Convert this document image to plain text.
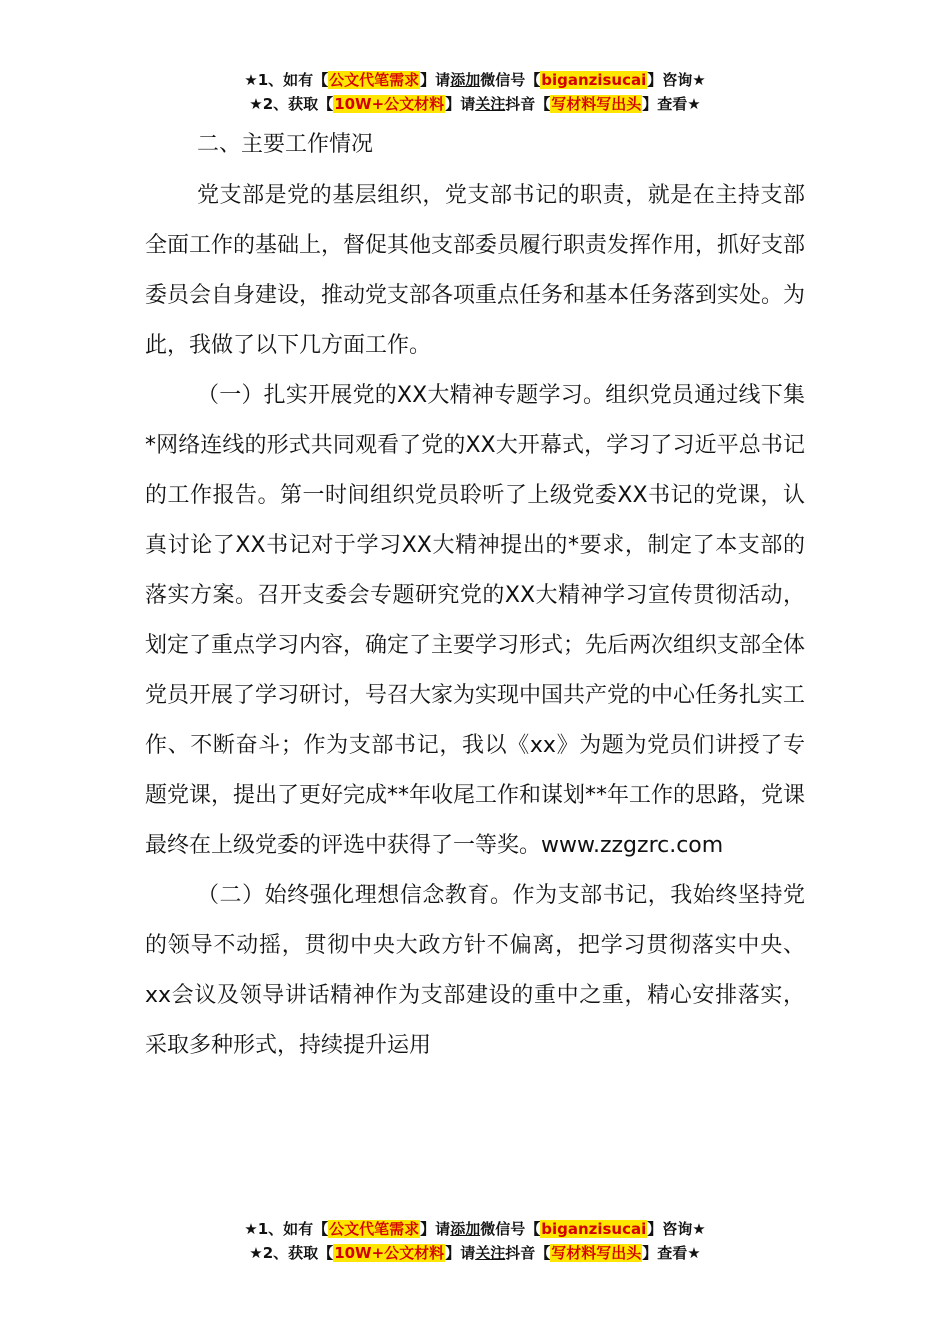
★1、如有【公文代笔需求】请添加微信号【biganzisucai】咨询★
★2、获取【10W+公文材料】请关注抖音【写材料写出头】查看★

二、主要工作情况

党支部是党的基层组织，党支部书记的职责，就是在主持支部全面工作的基础上，督促其他支部委员履行职责发挥作用，抓好支部委员会自身建设，推动党支部各项重点任务和基本任务落到实处。为此，我做了以下几方面工作。

（一）扎实开展党的XX大精神专题学习。组织党员通过线下集*网络连线的形式共同观看了党的XX大开幕式，学习了习近平总书记的工作报告。第一时间组织党员聆听了上级党委XX书记的党课，认真讨论了XX书记对于学习XX大精神提出的*要求，制定了本支部的落实方案。召开支委会专题研究党的XX大精神学习宣传贯彻活动，划定了重点学习内容，确定了主要学习形式；先后两次组织支部全体党员开展了学习研讨，号召大家为实现中国共产党的中心任务扎实工作、不断奋斗；作为支部书记，我以《xx》为题为党员们讲授了专题党课，提出了更好完成**年收尾工作和谋划**年工作的思路，党课最终在上级党委的评选中获得了一等奖。www.zzgzrc.com

（二）始终强化理想信念教育。作为支部书记，我始终坚持党的领导不动摇，贯彻中央大政方针不偏离，把学习贯彻落实中央、xx会议及领导讲话精神作为支部建设的重中之重，精心安排落实，采取多种形式，持续提升运用

★1、如有【公文代笔需求】请添加微信号【biganzisucai】咨询★
★2、获取【10W+公文材料】请关注抖音【写材料写出头】查看★
